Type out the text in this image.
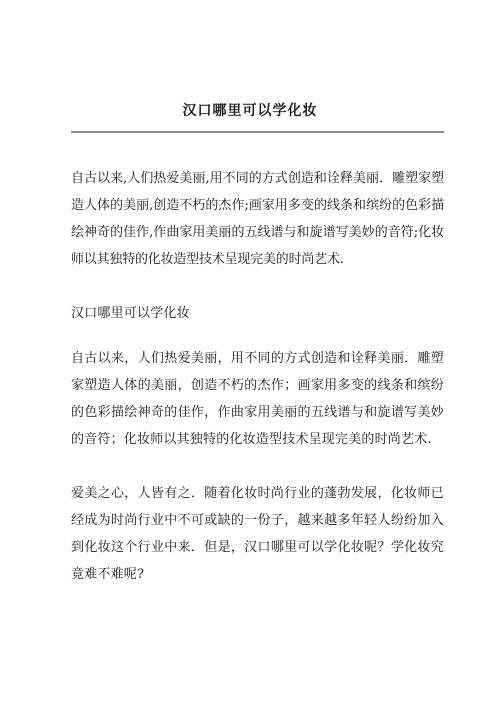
汉口哪里可以学化妆

自古以来,人们热爱美丽,用不同的方式创造和诠释美丽．雕塑家塑造人体的美丽,创造不朽的杰作;画家用多变的线条和缤纷的色彩描绘神奇的佳作,作曲家用美丽的五线谱与和旋谱写美妙的音符;化妆师以其独特的化妆造型技术呈现完美的时尚艺术.

汉口哪里可以学化妆

自古以来，人们热爱美丽，用不同的方式创造和诠释美丽．雕塑家塑造人体的美丽，创造不朽的杰作；画家用多变的线条和缤纷的色彩描绘神奇的佳作，作曲家用美丽的五线谱与和旋谱写美妙的音符；化妆师以其独特的化妆造型技术呈现完美的时尚艺术.

爱美之心，人皆有之．随着化妆时尚行业的蓬勃发展，化妆师已经成为时尚行业中不可或缺的一份子，越来越多年轻人纷纷加入到化妆这个行业中来．但是，汉口哪里可以学化妆呢？学化妆究竟难不难呢?
